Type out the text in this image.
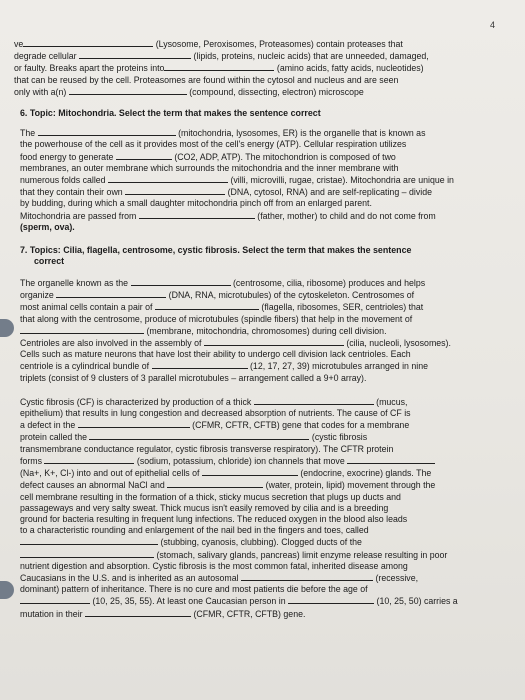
4
ve	(Lysosome, Peroxisomes, Proteasomes) contain proteases that
degrade cellular	(lipids, proteins, nucleic acids) that are unneeded, damaged,
or faulty. Breaks apart the proteins into	(amino acids, fatty acids, nucleotides)
that can be reused by the cell. Proteasomes are found within the cytosol and nucleus and are seen
only with a(n)	(compound, dissecting, electron) microscope
6. Topic: Mitochondria. Select the term that makes the sentence correct
The	(mitochondria, lysosomes, ER) is the organelle that is known as
the powerhouse of the cell as it provides most of the cell's energy (ATP). Cellular respiration utilizes
food energy to generate	(CO2, ADP, ATP). The mitochondrion is composed of two
membranes, an outer membrane which surrounds the mitochondria and the inner membrane with
numerous folds called	(villi, microvilli, rugae, cristae). Mitochondria are unique in
that they contain their own	(DNA, cytosol, RNA) and are self-replicating – divide
by budding, during which a small daughter mitochondria pinch off from an enlarged parent.
Mitochondria are passed from	(father, mother) to child and do not come from
(sperm, ova).
7. Topics: Cilia, flagella, centrosome, cystic fibrosis. Select the term that makes the sentence
correct
The organelle known as the	(centrosome, cilia, ribosome) produces and helps
organize	(DNA, RNA, microtubules) of the cytoskeleton. Centrosomes of
most animal cells contain a pair of	(flagella, ribosomes, SER, centrioles) that
that along with the centrosome, produce of microtubules (spindle fibers) that help in the movement of
(membrane, mitochondria, chromosomes) during cell division.
Centrioles are also involved in the assembly of	(cilia, nucleoli, lysosomes).
Cells such as mature neurons that have lost their ability to undergo cell division lack centrioles. Each
centriole is a cylindrical bundle of	(12, 17, 27, 39) microtubules arranged in nine
triplets (consist of 9 clusters of 3 parallel microtubules – arrangement called a 9+0 array).
Cystic fibrosis (CF) is characterized by production of a thick	(mucus,
epithelium) that results in lung congestion and decreased absorption of nutrients. The cause of CF is
a defect in the	(CFMR, CFTR, CFTB) gene that codes for a membrane
protein called the	(cystic fibrosis
transmembrane conductance regulator, cystic fibrosis transverse respiratory). The CFTR protein
forms	(sodium, potassium, chloride) ion channels that move
(Na+, K+, Cl-) into and out of epithelial cells of	(endocrine, exocrine) glands. The
defect causes an abnormal NaCl and	(water, protein, lipid) movement through the
cell membrane resulting in the formation of a thick, sticky mucus secretion that plugs up ducts and
passageways and very salty sweat. Thick mucus isn't easily removed by cilia and is a breeding
ground for bacteria resulting in frequent lung infections. The reduced oxygen in the blood also leads
to a characteristic rounding and enlargement of the nail bed in the fingers and toes, called
(stubbing, cyanosis, clubbing). Clogged ducts of the
(stomach, salivary glands, pancreas) limit enzyme release resulting in poor
nutrient digestion and absorption. Cystic fibrosis is the most common fatal, inherited disease among
Caucasians in the U.S. and is inherited as an autosomal	(recessive,
dominant) pattern of inheritance. There is no cure and most patients die before the age of
(10, 25, 35, 55). At least one Caucasian person in	(10, 25, 50) carries a
mutation in their	(CFMR, CFTR, CFTB) gene.
